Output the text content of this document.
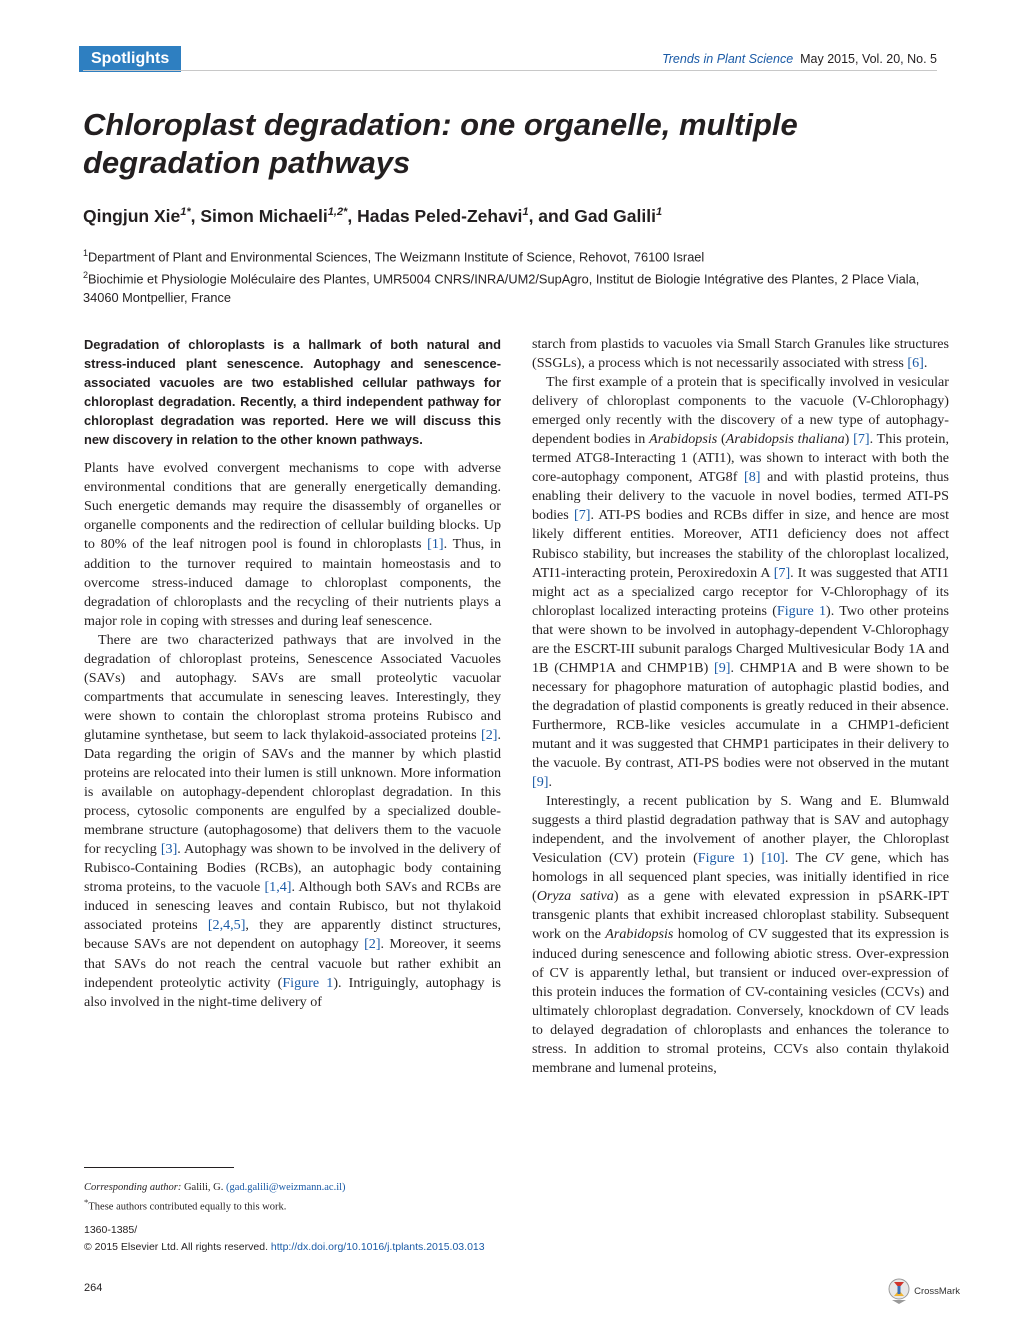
Spotlights	Trends in Plant Science May 2015, Vol. 20, No. 5
Chloroplast degradation: one organelle, multiple degradation pathways

Qingjun Xie$^{1*}$, Simon Michaeli$^{1,2*}$, Hadas Peled-Zehavi$^1$, and Gad Galili$^1$

$^1$Department of Plant and Environmental Sciences, The Weizmann Institute of Science, Rehovot, 76100 Israel

$^2$Biochimie et Physiologie Moléculaire des Plantes, UMR5004 CNRS/INRA/UM2/SupAgro, Institut de Biologie Intégrative des Plantes, 2 Place Viala, 34060 Montpellier, France

Degradation of chloroplasts is a hallmark of both natural and stress-induced plant senescence. Autophagy and senescence-associated vacuoles are two established cellular pathways for chloroplast degradation. Recently, a third independent pathway for chloroplast degradation was reported. Here we will discuss this new discovery in relation to the other known pathways.

Plants have evolved convergent mechanisms to cope with adverse environmental conditions that are generally energetically demanding. Such energetic demands may require the disassembly of organelles or organelle components and the redirection of cellular building blocks. Up to 80% of the leaf nitrogen pool is found in chloroplasts [1]. Thus, in addition to the turnover required to maintain homeostasis and to overcome stress-induced damage to chloroplast components, the degradation of chloroplasts and the recycling of their nutrients plays a major role in coping with stresses and during leaf senescence.

There are two characterized pathways that are involved in the degradation of chloroplast proteins, Senescence Associated Vacuoles (SAVs) and autophagy. SAVs are small proteolytic vacuolar compartments that accumulate in senescing leaves. Interestingly, they were shown to contain the chloroplast stroma proteins Rubisco and glutamine synthetase, but seem to lack thylakoid-associated proteins [2]. Data regarding the origin of SAVs and the manner by which plastid proteins are relocated into their lumen is still unknown. More information is available on autophagy-dependent chloroplast degradation. In this process, cytosolic components are engulfed by a specialized double-membrane structure (autophagosome) that delivers them to the vacuole for recycling [3]. Autophagy was shown to be involved in the delivery of Rubisco-Containing Bodies (RCBs), an autophagic body containing stroma proteins, to the vacuole [1,4]. Although both SAVs and RCBs are induced in senescing leaves and contain Rubisco, but not thylakoid associated proteins [2,4,5], they are apparently distinct structures, because SAVs are not dependent on autophagy [2]. Moreover, it seems that SAVs do not reach the central vacuole but rather exhibit an independent proteolytic activity (Figure 1). Intriguingly, autophagy is also involved in the night-time delivery of

starch from plastids to vacuoles via Small Starch Granules like structures (SSGLs), a process which is not necessarily associated with stress [6].

The first example of a protein that is specifically involved in vesicular delivery of chloroplast components to the vacuole (V-Chlorophagy) emerged only recently with the discovery of a new type of autophagy-dependent bodies in Arabidopsis (Arabidopsis thaliana) [7]. This protein, termed ATG8-Interacting 1 (ATI1), was shown to interact with both the core-autophagy component, ATG8f [8] and with plastid proteins, thus enabling their delivery to the vacuole in novel bodies, termed ATI-PS bodies [7]. ATI-PS bodies and RCBs differ in size, and hence are most likely different entities. Moreover, ATI1 deficiency does not affect Rubisco stability, but increases the stability of the chloroplast localized, ATI1-interacting protein, Peroxiredoxin A [7]. It was suggested that ATI1 might act as a specialized cargo receptor for V-Chlorophagy of its chloroplast localized interacting proteins (Figure 1). Two other proteins that were shown to be involved in autophagy-dependent V-Chlorophagy are the ESCRT-III subunit paralogs Charged Multivesicular Body 1A and 1B (CHMP1A and CHMP1B) [9]. CHMP1A and B were shown to be necessary for phagophore maturation of autophagic plastid bodies, and the degradation of plastid components is greatly reduced in their absence. Furthermore, RCB-like vesicles accumulate in a CHMP1-deficient mutant and it was suggested that CHMP1 participates in their delivery to the vacuole. By contrast, ATI-PS bodies were not observed in the mutant [9].

Interestingly, a recent publication by S. Wang and E. Blumwald suggests a third plastid degradation pathway that is SAV and autophagy independent, and the involvement of another player, the Chloroplast Vesiculation (CV) protein (Figure 1) [10]. The CV gene, which has homologs in all sequenced plant species, was initially identified in rice (Oryza sativa) as a gene with elevated expression in pSARK-IPT transgenic plants that exhibit increased chloroplast stability. Subsequent work on the Arabidopsis homolog of CV suggested that its expression is induced during senescence and following abiotic stress. Over-expression of CV is apparently lethal, but transient or induced over-expression of this protein induces the formation of CV-containing vesicles (CCVs) and ultimately chloroplast degradation. Conversely, knockdown of CV leads to delayed degradation of chloroplasts and enhances the tolerance to stress. In addition to stromal proteins, CCVs also contain thylakoid membrane and lumenal proteins,

Corresponding author: Galili, G. (gad.galili@weizmann.ac.il)

*These authors contributed equally to this work.

1360-1385/

© 2015 Elsevier Ltd. All rights reserved. http://dx.doi.org/10.1016/j.tplants.2015.03.013

264	CrossMark
